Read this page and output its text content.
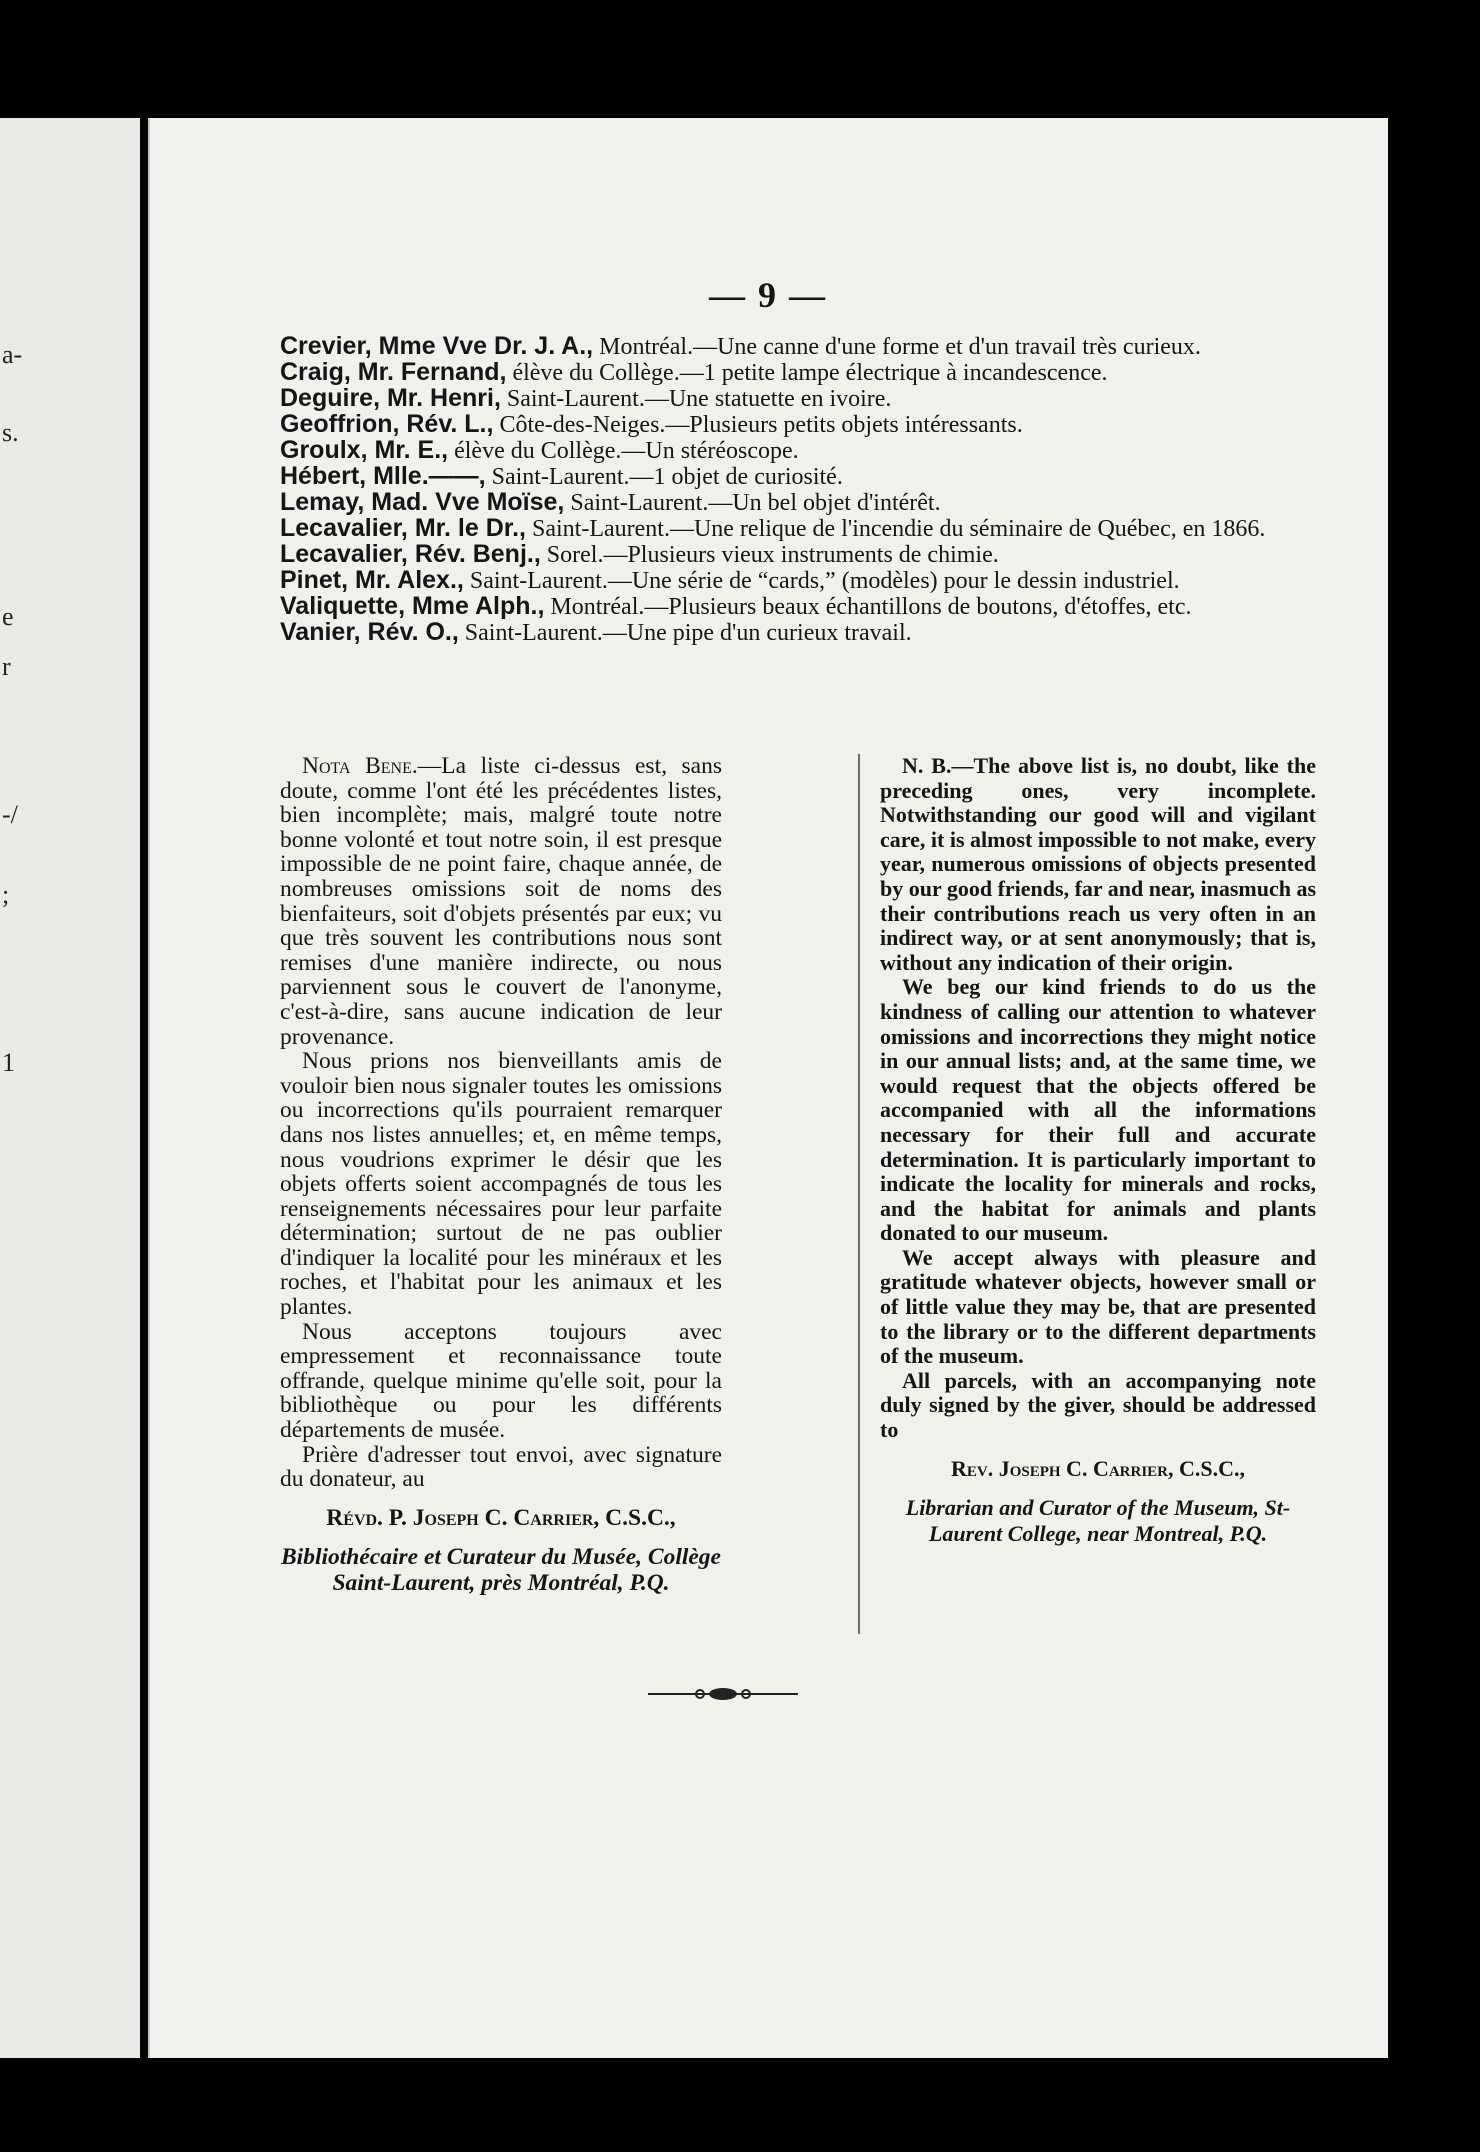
a-
s.
e
r
-/
;
1
— 9 —
Crevier, Mme Vve Dr. J. A., Montréal.—Une canne d'une forme et d'un travail très curieux.
Craig, Mr. Fernand, élève du Collège.—1 petite lampe électrique à incandescence.
Deguire, Mr. Henri, Saint-Laurent.—Une statuette en ivoire.
Geoffrion, Rév. L., Côte-des-Neiges.—Plusieurs petits objets intéressants.
Groulx, Mr. E., élève du Collège.—Un stéréoscope.
Hébert, Mlle.——, Saint-Laurent.—1 objet de curiosité.
Lemay, Mad. Vve Moïse, Saint-Laurent.—Un bel objet d'intérêt.
Lecavalier, Mr. le Dr., Saint-Laurent.—Une relique de l'incendie du séminaire de Québec, en 1866.
Lecavalier, Rév. Benj., Sorel.—Plusieurs vieux instruments de chimie.
Pinet, Mr. Alex., Saint-Laurent.—Une série de “cards,” (modèles) pour le dessin industriel.
Valiquette, Mme Alph., Montréal.—Plusieurs beaux échantillons de boutons, d'étoffes, etc.
Vanier, Rév. O., Saint-Laurent.—Une pipe d'un curieux travail.

Nota Bene.—La liste ci-dessus est, sans doute, comme l'ont été les précédentes listes, bien incomplète; mais, malgré toute notre bonne volonté et tout notre soin, il est presque impossible de ne point faire, chaque année, de nombreuses omissions soit de noms des bienfaiteurs, soit d'objets présentés par eux; vu que très souvent les contributions nous sont remises d'une manière indirecte, ou nous parviennent sous le couvert de l'anonyme, c'est-à-dire, sans aucune indication de leur provenance.

Nous prions nos bienveillants amis de vouloir bien nous signaler toutes les omissions ou incorrections qu'ils pourraient remarquer dans nos listes annuelles; et, en même temps, nous voudrions exprimer le désir que les objets offerts soient accompagnés de tous les renseignements nécessaires pour leur parfaite détermination; surtout de ne pas oublier d'indiquer la localité pour les minéraux et les roches, et l'habitat pour les animaux et les plantes.

Nous acceptons toujours avec empressement et reconnaissance toute offrande, quelque minime qu'elle soit, pour la bibliothèque ou pour les différents départements de musée.

Prière d'adresser tout envoi, avec signature du donateur, au

Révd. P. Joseph C. Carrier, C.S.C.,
Bibliothécaire et Curateur du Musée, Collège Saint-Laurent, près Montréal, P.Q.

N. B.—The above list is, no doubt, like the preceding ones, very incomplete. Notwithstanding our good will and vigilant care, it is almost impossible to not make, every year, numerous omissions of objects presented by our good friends, far and near, inasmuch as their contributions reach us very often in an indirect way, or at sent anonymously; that is, without any indication of their origin.

We beg our kind friends to do us the kindness of calling our attention to whatever omissions and incorrections they might notice in our annual lists; and, at the same time, we would request that the objects offered be accompanied with all the informations necessary for their full and accurate determination. It is particularly important to indicate the locality for minerals and rocks, and the habitat for animals and plants donated to our museum.

We accept always with pleasure and gratitude whatever objects, however small or of little value they may be, that are presented to the library or to the different departments of the museum.

All parcels, with an accompanying note duly signed by the giver, should be addressed to

Rev. Joseph C. Carrier, C.S.C.,
Librarian and Curator of the Museum, St-Laurent College, near Montreal, P.Q.
